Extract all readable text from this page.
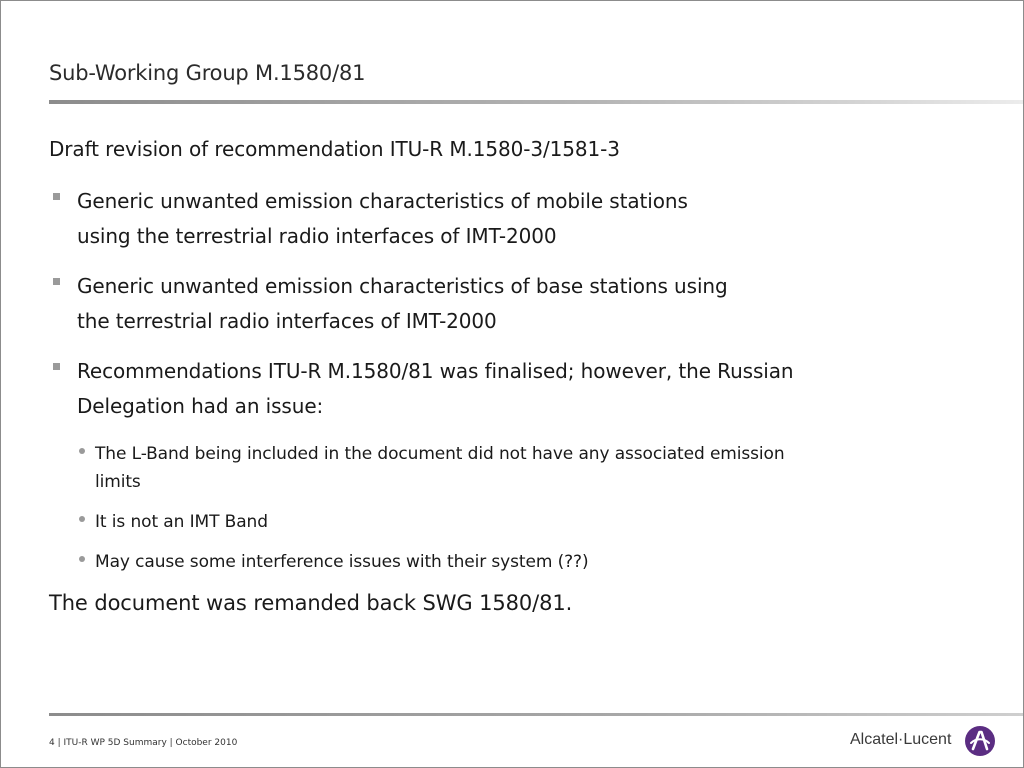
Sub-Working Group M.1580/81
Draft revision of recommendation ITU-R M.1580-3/1581-3
Generic unwanted emission characteristics of mobile stations
using the terrestrial radio interfaces of IMT-2000
Generic unwanted emission characteristics of base stations using
the terrestrial radio interfaces of IMT-2000
Recommendations ITU-R M.1580/81 was finalised; however, the Russian
Delegation had an issue:
The L-Band being included in the document did not have any associated emission
limits
It is not an IMT Band
May cause some interference issues with their system (??)
The document was remanded back SWG 1580/81.
4 | ITU-R WP 5D Summary | October 2010	Alcatel·Lucent
